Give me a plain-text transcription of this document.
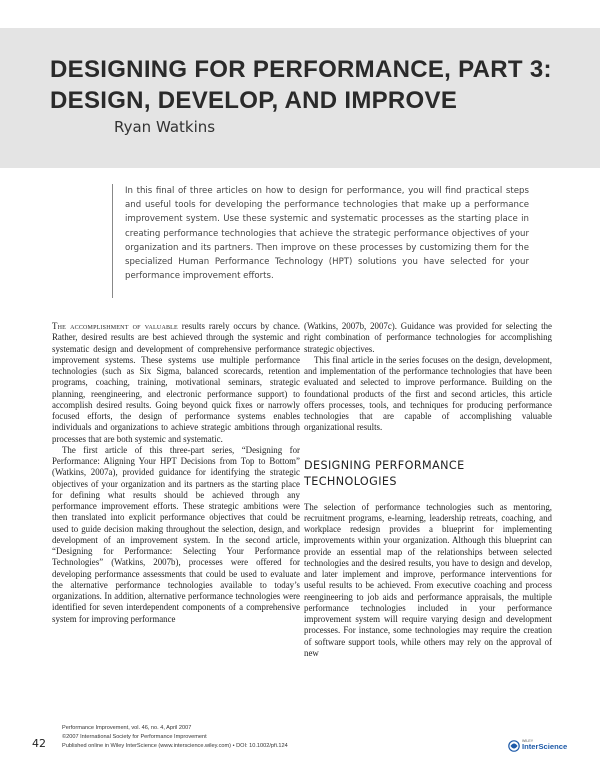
DESIGNING FOR PERFORMANCE, PART 3:
DESIGN, DEVELOP, AND IMPROVE
Ryan Watkins

In this final of three articles on how to design for performance, you will find practical steps and useful tools for developing the performance technologies that make up a performance improvement system. Use these systemic and systematic processes as the starting place in creating performance technologies that achieve the strategic performance objectives of your organization and its partners. Then improve on these processes by customizing them for the specialized Human Performance Technology (HPT) solutions you have selected for your performance improvement efforts.

The accomplishment of valuable results rarely occurs by chance. Rather, desired results are best achieved through the systemic and systematic design and development of comprehensive performance improvement systems. These systems use multiple performance technologies (such as Six Sigma, balanced scorecards, retention programs, coaching, training, motivational seminars, strategic planning, reengineering, and electronic performance support) to accomplish desired results. Going beyond quick fixes or narrowly focused efforts, the design of performance systems enables individuals and organizations to achieve strategic ambitions through processes that are both systemic and systematic.

The first article of this three-part series, “Designing for Performance: Aligning Your HPT Decisions from Top to Bottom” (Watkins, 2007a), provided guidance for identifying the strategic objectives of your organization and its partners as the starting place for defining what results should be achieved through any performance improvement efforts. These strategic ambitions were then translated into explicit performance objectives that could be used to guide decision making throughout the selection, design, and development of an improvement system. In the second article, “Designing for Performance: Selecting Your Performance Technologies” (Watkins, 2007b), processes were offered for developing performance assessments that could be used to evaluate the alternative performance technologies available to today’s organizations. In addition, alternative performance technologies were identified for seven interdependent components of a comprehensive system for improving performance

(Watkins, 2007b, 2007c). Guidance was provided for selecting the right combination of performance technologies for accomplishing strategic objectives.

This final article in the series focuses on the design, development, and implementation of the performance technologies that have been evaluated and selected to improve performance. Building on the foundational products of the first and second articles, this article offers processes, tools, and techniques for producing performance technologies that are capable of accomplishing valuable organizational results.

DESIGNING PERFORMANCE TECHNOLOGIES

The selection of performance technologies such as mentoring, recruitment programs, e-learning, leadership retreats, coaching, and workplace redesign provides a blueprint for implementing improvements within your organization. Although this blueprint can provide an essential map of the relationships between selected technologies and the desired results, you have to design and develop, and later implement and improve, performance interventions for useful results to be achieved. From executive coaching and process reengineering to job aids and performance appraisals, the multiple performance technologies included in your performance improvement system will require varying design and development processes. For instance, some technologies may require the creation of software support tools, while others may rely on the approval of new

42
Performance Improvement, vol. 46, no. 4, April 2007
©2007 International Society for Performance Improvement
Published online in Wiley InterScience (www.interscience.wiley.com) • DOI: 10.1002/pfi.124
WILEY
InterScience
